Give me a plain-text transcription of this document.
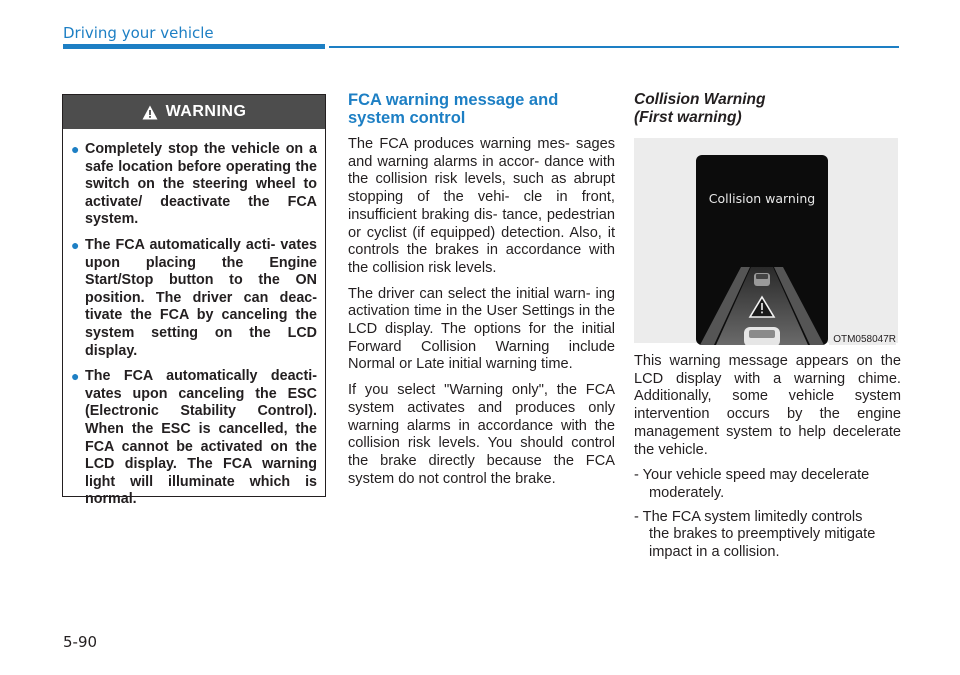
Driving your vehicle
WARNING
● Completely stop the vehicle on a safe location before operating the switch on the steering wheel to activate/ deactivate the FCA system.
● The FCA automatically acti- vates upon placing the Engine Start/Stop button to the ON position. The driver can deac- tivate the FCA by canceling the system setting on the LCD display.
● The FCA automatically deacti- vates upon canceling the ESC (Electronic Stability Control). When the ESC is cancelled, the FCA cannot be activated on the LCD display. The FCA warning light will illuminate which is normal.
FCA warning message and system control

The FCA produces warning mes- sages and warning alarms in accor- dance with the collision risk levels, such as abrupt stopping of the vehi- cle in front, insufficient braking dis- tance, pedestrian or cyclist (if equipped) detection. Also, it controls the brakes in accordance with the collision risk levels.

The driver can select the initial warn- ing activation time in the User Settings in the LCD display. The options for the initial Forward Collision Warning include Normal or Late initial warning time.

If you select "Warning only", the FCA system activates and produces only warning alarms in accordance with the collision risk levels. You should control the brake directly because the FCA system do not control the brake.

Collision Warning
(First warning)
Collision warning
OTM058047R

This warning message appears on the LCD display with a warning chime. Additionally, some vehicle system intervention occurs by the engine management system to help decelerate the vehicle.

- Your vehicle speed may decelerate
moderately.
- The FCA system limitedly controls
the brakes to preemptively mitigate impact in a collision.
5-90
